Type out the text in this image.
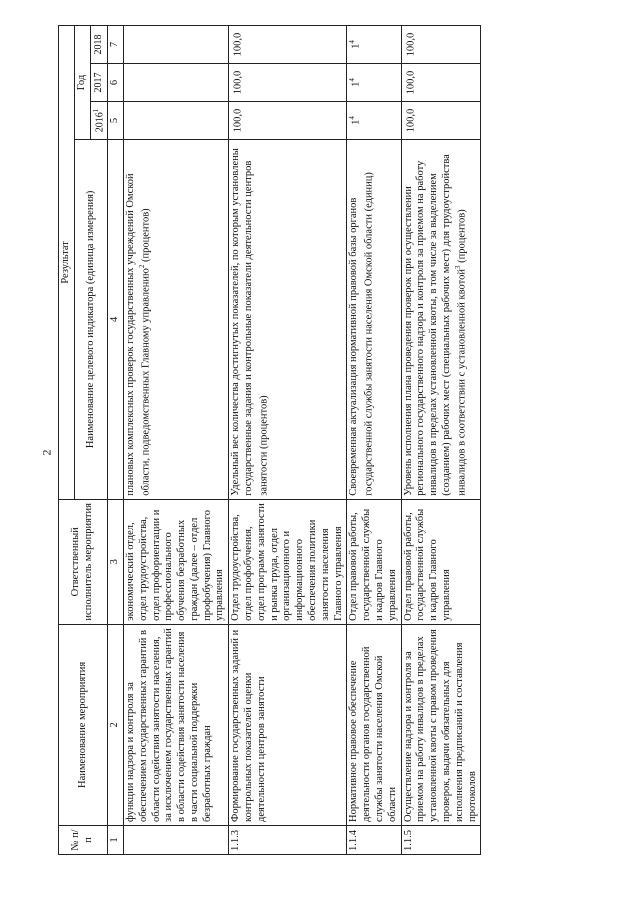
2
№ п/п	Наименование мероприятия	Ответственный исполнитель мероприятия	Результат			
			Наименование целевого индикатора (единица измерения)	Год		
				2016$^1$	2017	2018
1	2	3	4	5	6	7
	функции надзора и контроля за обеспечением государственных гарантий в области содействия занятости населения, за исключением государственных гарантий в области содействия занятости населения в части социальной поддержки безработных граждан	экономический отдел, отдел трудоустройства, отдел профориентации и профессионального обучения безработных граждан (далее – отдел профобучения) Главного управления	плановых комплексных проверок государственных учреждений Омской области, подведомственных Главному управлению$^2$ (процентов)			
1.1.3	Формирование государственных заданий и контрольных показателей оценки деятельности центров занятости	Отдел трудоустройства, отдел профобучения, отдел программ занятости и рынка труда, отдел организационного и информационного обеспечения политики занятости населения Главного управления	Удельный вес количества достигнутых показателей, по которым установлены государственные задания и контрольные показатели деятельности центров занятости (процентов)	100,0	100,0	100,0
1.1.4	Нормативное правовое обеспечение деятельности органов государственной службы занятости населения Омской области	Отдел правовой работы, государственной службы и кадров Главного управления	Своевременная актуализация нормативной правовой базы органов государственной службы занятости населения Омской области (единиц)	$1^4$	$1^4$	$1^4$
1.1.5	Осуществление надзора и контроля за приемом на работу инвалидов в пределах установленной квоты с правом проведения проверок, выдачи обязательных для исполнения предписаний и составления протоколов	Отдел правовой работы, государственной службы и кадров Главного управления	Уровень исполнения плана проведения проверок при осуществлении регионального государственного надзора и контроля за приемом на работу инвалидов в пределах установленной квоты, в том числе за выделением (созданием) рабочих мест (специальных рабочих мест) для трудоустройства инвалидов в соответствии с установленной квотой$^3$ (процентов)	100,0	100,0	100,0
